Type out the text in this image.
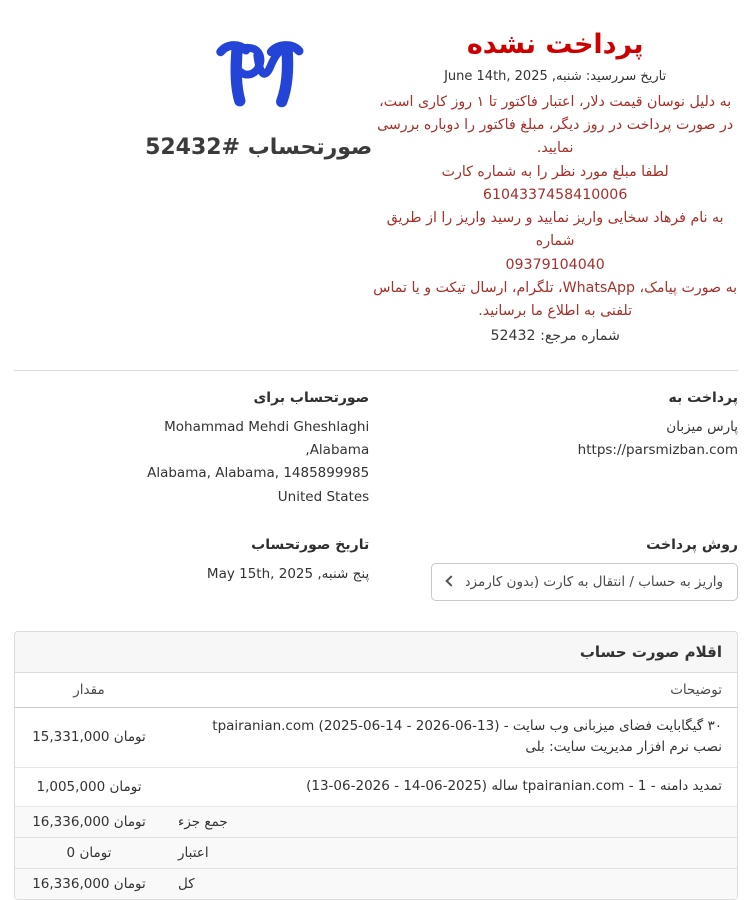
پرداخت نشده
تاریخ سررسید: شنبه, June 14th, 2025
به دلیل نوسان قیمت دلار، اعتبار فاکتور تا ۱ روز کاری است، در صورت پرداخت در روز دیگر، مبلغ فاکتور را دوباره بررسی نمایید.
لطفا مبلغ مورد نظر را به شماره کارت
6104337458410006
به نام فرهاد سخایی واریز نمایید و رسید واریز را از طریق شماره
09379104040
به صورت پیامک، WhatsApp، تلگرام، ارسال تیکت و یا تماس تلفنی به اطلاع ما برسانید.
شماره مرجع: 52432
صورتحساب #52432
پرداخت به
پارس میزبان
https://parsmizban.com
صورتحساب برای
Mohammad Mehdi Gheshlaghi
Alabama,
Alabama, Alabama, 1485899985
United States
روش پرداخت
واریز به حساب / انتقال به کارت (بدون کارمزد)
تاریخ صورتحساب
پنج شنبه, May 15th, 2025
اقلام صورت حساب
توضیحات	مقدار

۳۰ گیگابایت فضای میزبانی وب سایت - tpairanian.com (2025-06-14 - 2026-06-13)
نصب نرم افزار مدیریت سایت: بلی	15,331,000 تومان

تمدید دامنه - tpairanian.com - 1 ساله (2025-06-14 - 2026-06-13)	1,005,000 تومان
جمع جزء	16,336,000 تومان
اعتبار	0 تومان
کل	16,336,000 تومان
